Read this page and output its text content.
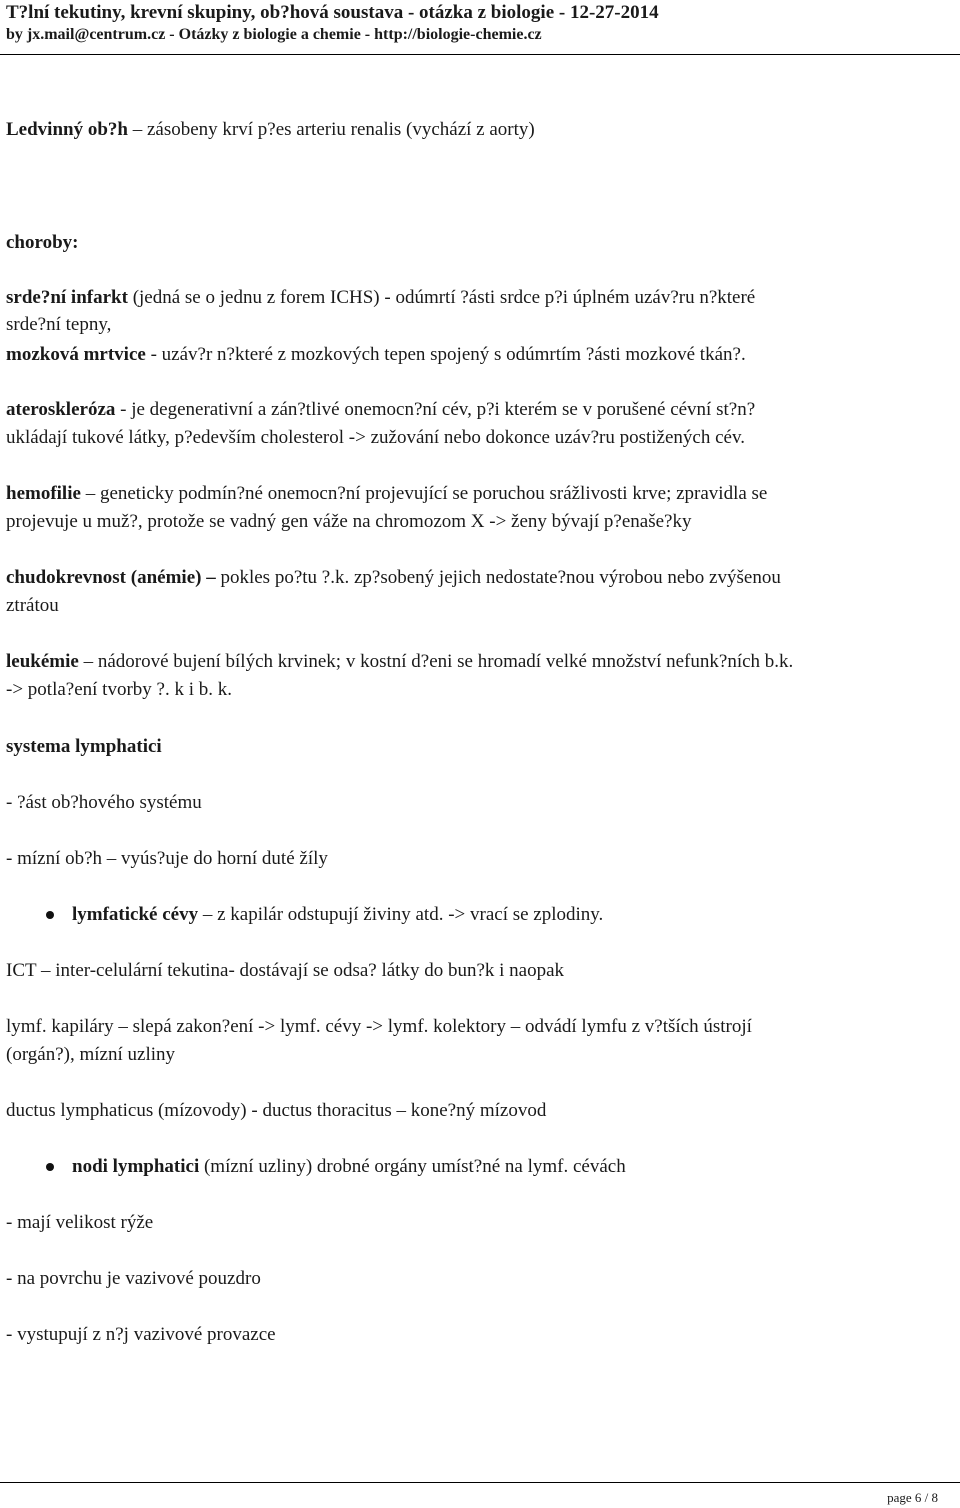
T?lní tekutiny, krevní skupiny, ob?hová soustava - otázka z biologie - 12-27-2014
by jx.mail@centrum.cz - Otázky z biologie a chemie - http://biologie-chemie.cz
Ledvinný ob?h – zásobeny krví p?es arteriu renalis (vychází z aorty)
choroby:
srde?ní infarkt (jedná se o jednu z forem ICHS) - odúmrtí ?ásti srdce p?i úplném uzáv?ru n?které
srde?ní tepny,
mozková mrtvice - uzáv?r n?které z mozkových tepen spojený s odúmrtím ?ásti mozkové tkán?.
ateroskleróza - je degenerativní a zán?tlivé onemocn?ní cév, p?i kterém se v porušené cévní st?n?
ukládají tukové látky, p?edevším cholesterol -> zužování nebo dokonce uzáv?ru postižených cév.
hemofilie – geneticky podmín?né onemocn?ní projevující se poruchou srážlivosti krve; zpravidla se
projevuje u muž?, protože se vadný gen váže na chromozom X -> ženy bývají p?enaše?ky
chudokrevnost (anémie) – pokles po?tu ?.k. zp?sobený jejich nedostate?nou výrobou nebo zvýšenou
ztrátou
leukémie – nádorové bujení bílých krvinek; v kostní d?eni se hromadí velké množství nefunk?ních b.k.
-> potla?ení tvorby ?. k i b. k.
systema lymphatici
- ?ást ob?hového systému
- mízní ob?h – vyús?uje do horní duté žíly
lymfatické cévy – z kapilár odstupují živiny atd. -> vrací se zplodiny.
ICT – inter-celulární tekutina- dostávají se odsa? látky do bun?k i naopak
lymf. kapiláry – slepá zakon?ení -> lymf. cévy -> lymf. kolektory – odvádí lymfu z v?tších ústrojí
(orgán?), mízní uzliny
ductus lymphaticus (mízovody) - ductus thoracitus – kone?ný mízovod
nodi lymphatici (mízní uzliny) drobné orgány umíst?né na lymf. cévách
- mají velikost rýže
- na povrchu je vazivové pouzdro
- vystupují z n?j vazivové provazce
page 6 / 8
